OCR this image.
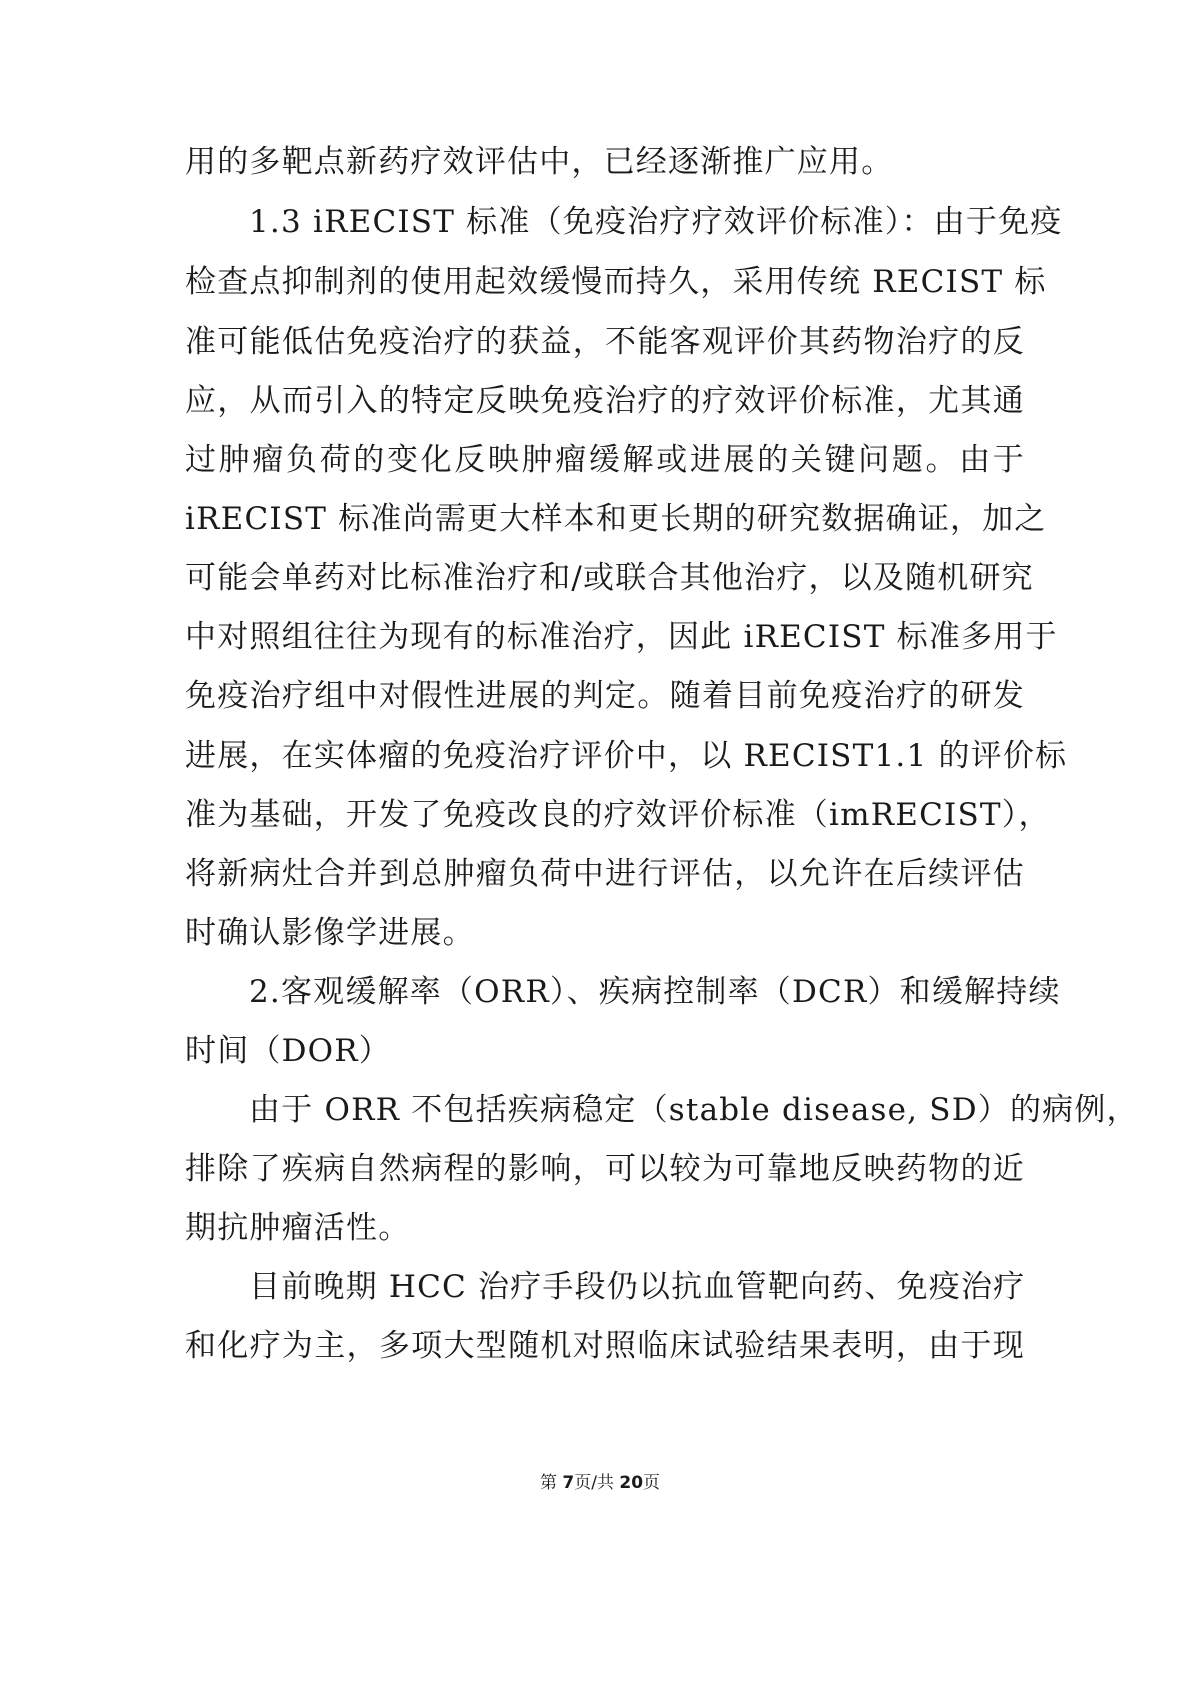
用的多靶点新药疗效评估中，已经逐渐推广应用。
1.3 iRECIST 标准（免疫治疗疗效评价标准）：由于免疫
检查点抑制剂的使用起效缓慢而持久，采用传统 RECIST 标
准可能低估免疫治疗的获益，不能客观评价其药物治疗的反
应，从而引入的特定反映免疫治疗的疗效评价标准，尤其通
过肿瘤负荷的变化反映肿瘤缓解或进展的关键问题。由于
iRECIST 标准尚需更大样本和更长期的研究数据确证，加之
可能会单药对比标准治疗和/或联合其他治疗，以及随机研究
中对照组往往为现有的标准治疗，因此 iRECIST 标准多用于
免疫治疗组中对假性进展的判定。随着目前免疫治疗的研发
进展，在实体瘤的免疫治疗评价中，以 RECIST1.1 的评价标
准为基础，开发了免疫改良的疗效评价标准（imRECIST），
将新病灶合并到总肿瘤负荷中进行评估，以允许在后续评估
时确认影像学进展。
2.客观缓解率（ORR）、疾病控制率（DCR）和缓解持续
时间（DOR）
由于 ORR 不包括疾病稳定（stable disease, SD）的病例，
排除了疾病自然病程的影响，可以较为可靠地反映药物的近
期抗肿瘤活性。
目前晚期 HCC 治疗手段仍以抗血管靶向药、免疫治疗
和化疗为主，多项大型随机对照临床试验结果表明，由于现
第 7页/共 20页
